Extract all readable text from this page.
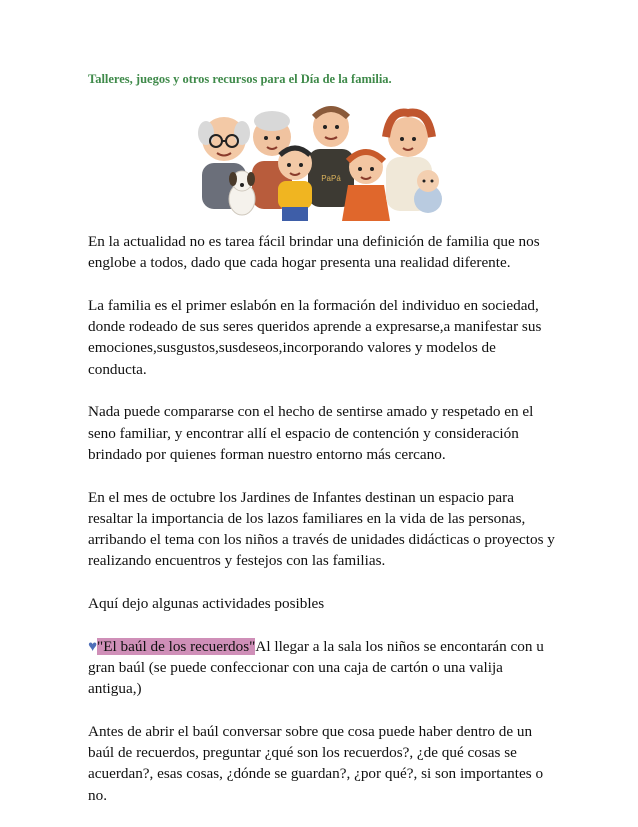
Talleres, juegos y otros recursos para el Día de la familia.
PaPá

En la actualidad no es tarea fácil brindar una definición de familia que nos englobe a todos, dado que cada hogar presenta una realidad diferente.

La familia es el primer eslabón en la formación del individuo en sociedad, donde rodeado de sus seres queridos aprende a expresarse,a manifestar sus emociones,susgustos,susdeseos,incorporando valores y modelos de conducta.

Nada puede compararse con el hecho de sentirse amado y respetado en el seno familiar, y encontrar allí el espacio de contención y consideración brindado por quienes forman nuestro entorno más cercano.

En el mes de octubre los Jardines de Infantes destinan un espacio para resaltar la importancia de los lazos familiares en la vida de las personas, arribando el tema con los niños a través de unidades didácticas o proyectos y realizando encuentros y festejos con las familias.

Aquí dejo algunas actividades posibles

♥"El baúl de los recuerdos"Al llegar a la sala los niños se encontarán con u gran baúl (se puede confeccionar con una caja de cartón o una valija antigua,)

Antes de abrir el baúl conversar sobre que cosa puede haber dentro de un baúl de recuerdos, preguntar ¿qué son los recuerdos?, ¿de qué cosas se acuerdan?, esas cosas, ¿dónde se guardan?, ¿por qué?, si son importantes o no.
